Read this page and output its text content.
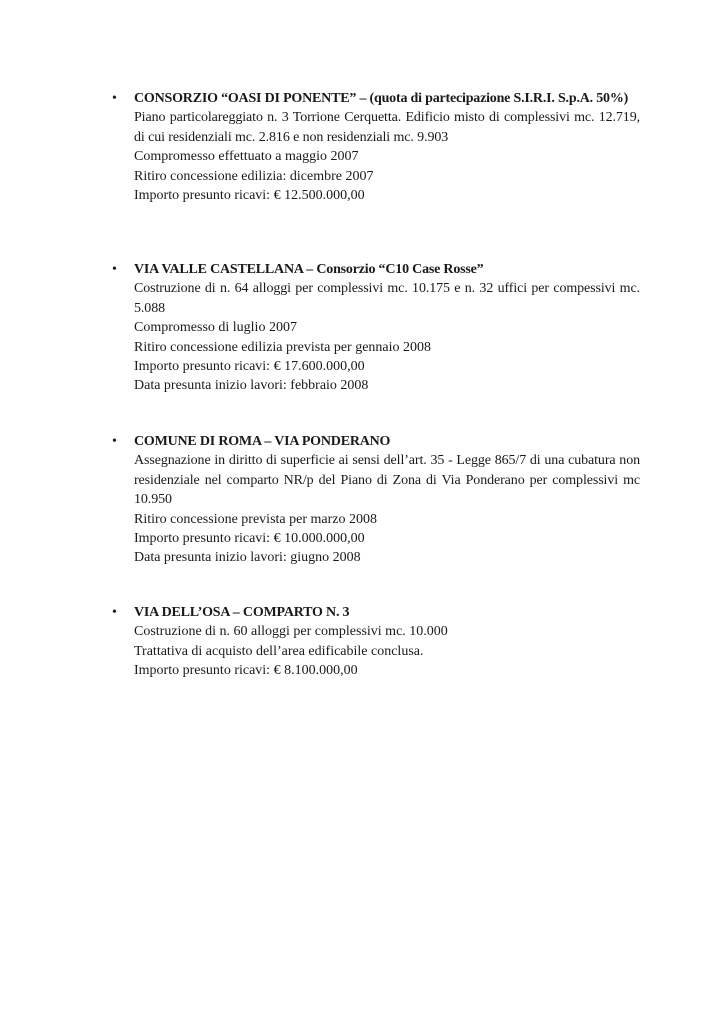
•	CONSORZIO “OASI DI PONENTE” – (quota di partecipazione S.I.R.I. S.p.A. 50%)
Piano particolareggiato n. 3 Torrione Cerquetta. Edificio misto di complessivi mc. 12.719, di cui residenziali mc. 2.816 e non residenziali mc. 9.903
Compromesso effettuato a maggio 2007
Ritiro concessione edilizia: dicembre 2007
Importo presunto ricavi: € 12.500.000,00
•	VIA VALLE CASTELLANA – Consorzio “C10 Case Rosse”
Costruzione di n. 64 alloggi per complessivi mc. 10.175 e n. 32 uffici per compessivi mc. 5.088
Compromesso di luglio 2007
Ritiro concessione edilizia prevista per gennaio 2008
Importo presunto ricavi: € 17.600.000,00
Data presunta inizio lavori: febbraio 2008
•	COMUNE DI ROMA – VIA PONDERANO
Assegnazione in diritto di superficie ai sensi dell’art. 35 - Legge 865/7 di una cubatura non residenziale nel comparto NR/p del Piano di Zona di Via Ponderano per complessivi mc 10.950
Ritiro concessione prevista per marzo 2008
Importo presunto ricavi: € 10.000.000,00
Data presunta inizio lavori: giugno 2008
•	VIA DELL’OSA – COMPARTO N. 3
Costruzione di n. 60 alloggi per complessivi mc. 10.000
Trattativa di acquisto dell’area edificabile conclusa.
Importo presunto ricavi: € 8.100.000,00
